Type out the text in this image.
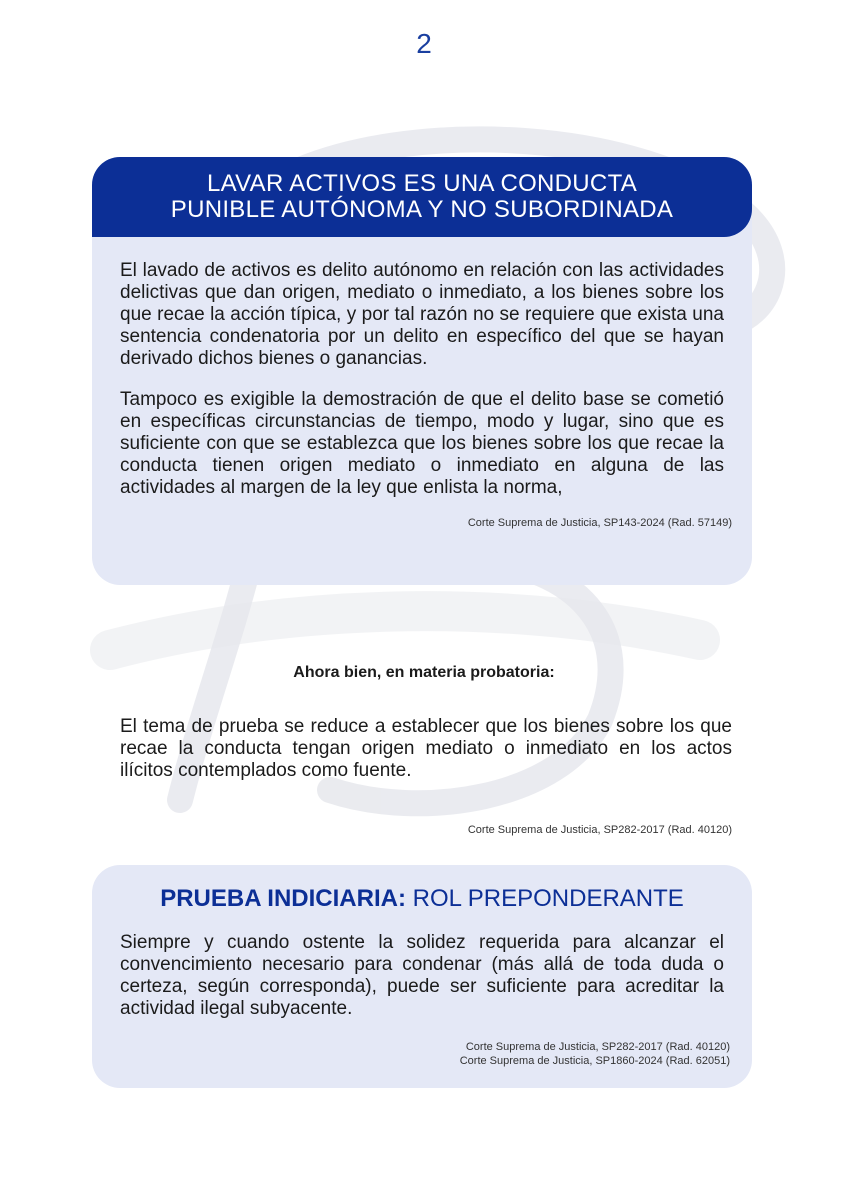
2
LAVAR ACTIVOS ES UNA CONDUCTA
PUNIBLE AUTÓNOMA Y NO SUBORDINADA

El lavado de activos es delito autónomo en relación con las actividades delictivas que dan origen, mediato o inmediato, a los bienes sobre los que recae la acción típica, y por tal razón no se requiere que exista una sentencia condenatoria por un delito en específico del que se hayan derivado dichos bienes o ganancias.

Tampoco es exigible la demostración de que el delito base se cometió en específicas circunstancias de tiempo, modo y lugar, sino que es suficiente con que se establezca que los bienes sobre los que recae la conducta tienen origen mediato o inmediato en alguna de las actividades al margen de la ley que enlista la norma,

Corte Suprema de Justicia, SP143-2024 (Rad. 57149)
Ahora bien, en materia probatoria:

El tema de prueba se reduce a establecer que los bienes sobre los que recae la conducta tengan origen mediato o inmediato en los actos ilícitos contemplados como fuente.

Corte Suprema de Justicia, SP282-2017 (Rad. 40120)
PRUEBA INDICIARIA: ROL PREPONDERANTE

Siempre y cuando ostente la solidez requerida para alcanzar el convencimiento necesario para condenar (más allá de toda duda o certeza, según corresponda), puede ser suficiente para acreditar la actividad ilegal subyacente.

Corte Suprema de Justicia, SP282-2017 (Rad. 40120)
Corte Suprema de Justicia, SP1860-2024 (Rad. 62051)
